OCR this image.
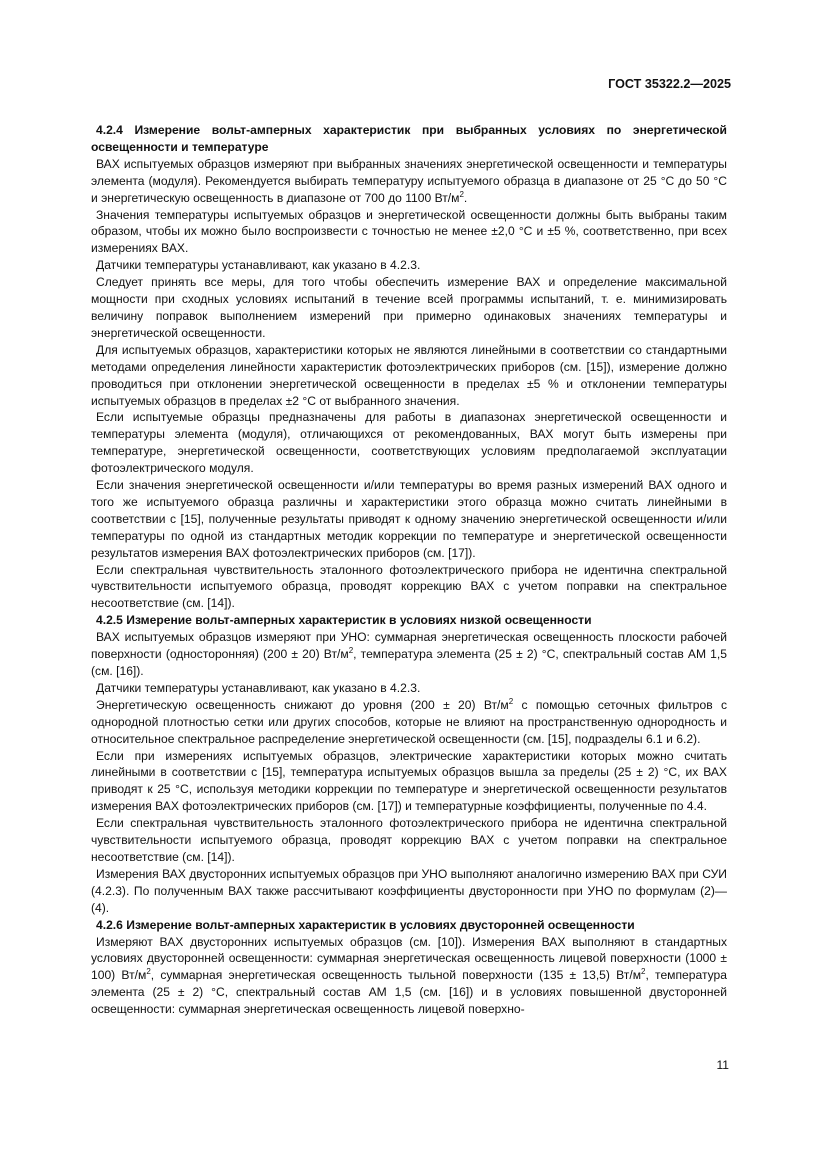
ГОСТ 35322.2—2025

4.2.4 Измерение вольт-амперных характеристик при выбранных условиях по энергетической освещенности и температуре

ВАХ испытуемых образцов измеряют при выбранных значениях энергетической освещенности и температуры элемента (модуля). Рекомендуется выбирать температуру испытуемого образца в диапазоне от 25 °С до 50 °С и энергетическую освещенность в диапазоне от 700 до 1100 $Вт/м^2$.

Значения температуры испытуемых образцов и энергетической освещенности должны быть выбраны таким образом, чтобы их можно было воспроизвести с точностью не менее ±2,0 °С и ±5 %, соответственно, при всех измерениях ВАХ.

Датчики температуры устанавливают, как указано в 4.2.3.

Следует принять все меры, для того чтобы обеспечить измерение ВАХ и определение максимальной мощности при сходных условиях испытаний в течение всей программы испытаний, т. е. минимизировать величину поправок выполнением измерений при примерно одинаковых значениях температуры и энергетической освещенности.

Для испытуемых образцов, характеристики которых не являются линейными в соответствии со стандартными методами определения линейности характеристик фотоэлектрических приборов (см. [15]), измерение должно проводиться при отклонении энергетической освещенности в пределах ±5 % и отклонении температуры испытуемых образцов в пределах ±2 °С от выбранного значения.

Если испытуемые образцы предназначены для работы в диапазонах энергетической освещенности и температуры элемента (модуля), отличающихся от рекомендованных, ВАХ могут быть измерены при температуре, энергетической освещенности, соответствующих условиям предполагаемой эксплуатации фотоэлектрического модуля.

Если значения энергетической освещенности и/или температуры во время разных измерений ВАХ одного и того же испытуемого образца различны и характеристики этого образца можно считать линейными в соответствии с [15], полученные результаты приводят к одному значению энергетической освещенности и/или температуры по одной из стандартных методик коррекции по температуре и энергетической освещенности результатов измерения ВАХ фотоэлектрических приборов (см. [17]).

Если спектральная чувствительность эталонного фотоэлектрического прибора не идентична спектральной чувствительности испытуемого образца, проводят коррекцию ВАХ с учетом поправки на спектральное несоответствие (см. [14]).

4.2.5 Измерение вольт-амперных характеристик в условиях низкой освещенности

ВАХ испытуемых образцов измеряют при УНО: суммарная энергетическая освещенность плоскости рабочей поверхности (односторонняя) (200 ± 20) $Вт/м^2$, температура элемента (25 ± 2) °С, спектральный состав АМ 1,5 (см. [16]).

Датчики температуры устанавливают, как указано в 4.2.3.

Энергетическую освещенность снижают до уровня (200 ± 20) $Вт/м^2$ с помощью сеточных фильтров с однородной плотностью сетки или других способов, которые не влияют на пространственную однородность и относительное спектральное распределение энергетической освещенности (см. [15], подразделы 6.1 и 6.2).

Если при измерениях испытуемых образцов, электрические характеристики которых можно считать линейными в соответствии с [15], температура испытуемых образцов вышла за пределы (25 ± 2) °С, их ВАХ приводят к 25 °С, используя методики коррекции по температуре и энергетической освещенности результатов измерения ВАХ фотоэлектрических приборов (см. [17]) и температурные коэффициенты, полученные по 4.4.

Если спектральная чувствительность эталонного фотоэлектрического прибора не идентична спектральной чувствительности испытуемого образца, проводят коррекцию ВАХ с учетом поправки на спектральное несоответствие (см. [14]).

Измерения ВАХ двусторонних испытуемых образцов при УНО выполняют аналогично измерению ВАХ при СУИ (4.2.3). По полученным ВАХ также рассчитывают коэффициенты двусторонности при УНО по формулам (2)—(4).

4.2.6 Измерение вольт-амперных характеристик в условиях двусторонней освещенности

Измеряют ВАХ двусторонних испытуемых образцов (см. [10]). Измерения ВАХ выполняют в стандартных условиях двусторонней освещенности: суммарная энергетическая освещенность лицевой поверхности (1000 ± 100) $Вт/м^2$, суммарная энергетическая освещенность тыльной поверхности (135 ± 13,5) $Вт/м^2$, температура элемента (25 ± 2) °С, спектральный состав АМ 1,5 (см. [16]) и в условиях повышенной двусторонней освещенности: суммарная энергетическая освещенность лицевой поверхно-

11
